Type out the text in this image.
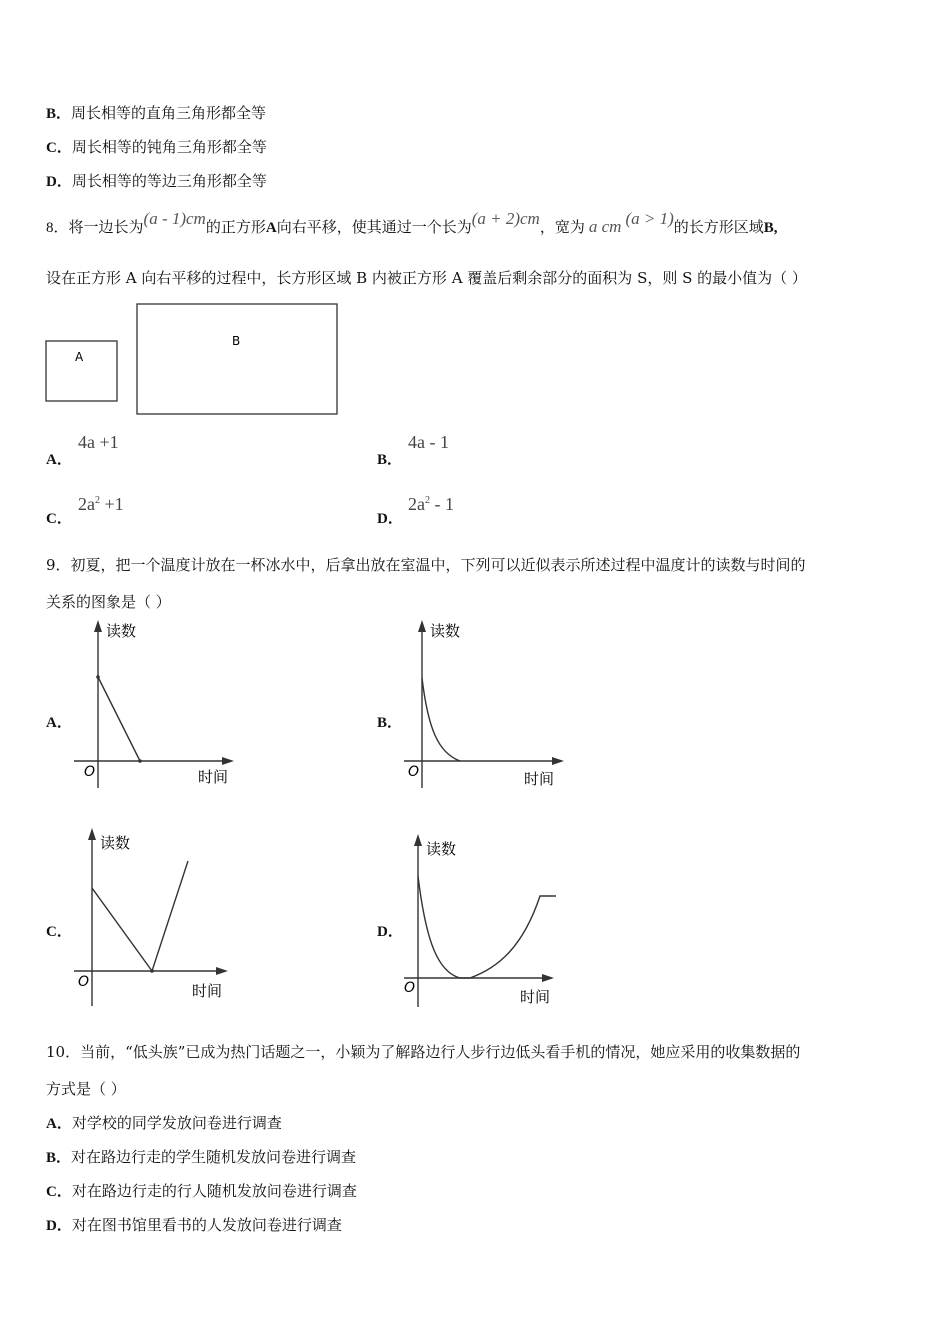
B．周长相等的直角三角形都全等
C．周长相等的钝角三角形都全等
D．周长相等的等边三角形都全等
8．将一边长为(a - 1)cm的正方形A向右平移，使其通过一个长为(a + 2)cm，宽为 a cm (a > 1)的长方形区域B,
设在正方形 A 向右平移的过程中，长方形区域 B 内被正方形 A 覆盖后剩余部分的面积为 S，则 S 的最小值为（ ）
A
B
A．
4a +1
B．
4a - 1
C．
$2a^2 +1$
D．
$2a^2 - 1$
9．初夏，把一个温度计放在一杯冰水中，后拿出放在室温中，下列可以近似表示所述过程中温度计的读数与时间的
关系的图象是（ ）
A．
读数
时间
O
B．
读数
时间
O
C．
读数
时间
O
D．
读数
时间
O
10．当前，“低头族”已成为热门话题之一，小颖为了解路边行人步行边低头看手机的情况，她应采用的收集数据的
方式是（ ）
A．对学校的同学发放问卷进行调查
B．对在路边行走的学生随机发放问卷进行调查
C．对在路边行走的行人随机发放问卷进行调查
D．对在图书馆里看书的人发放问卷进行调查
